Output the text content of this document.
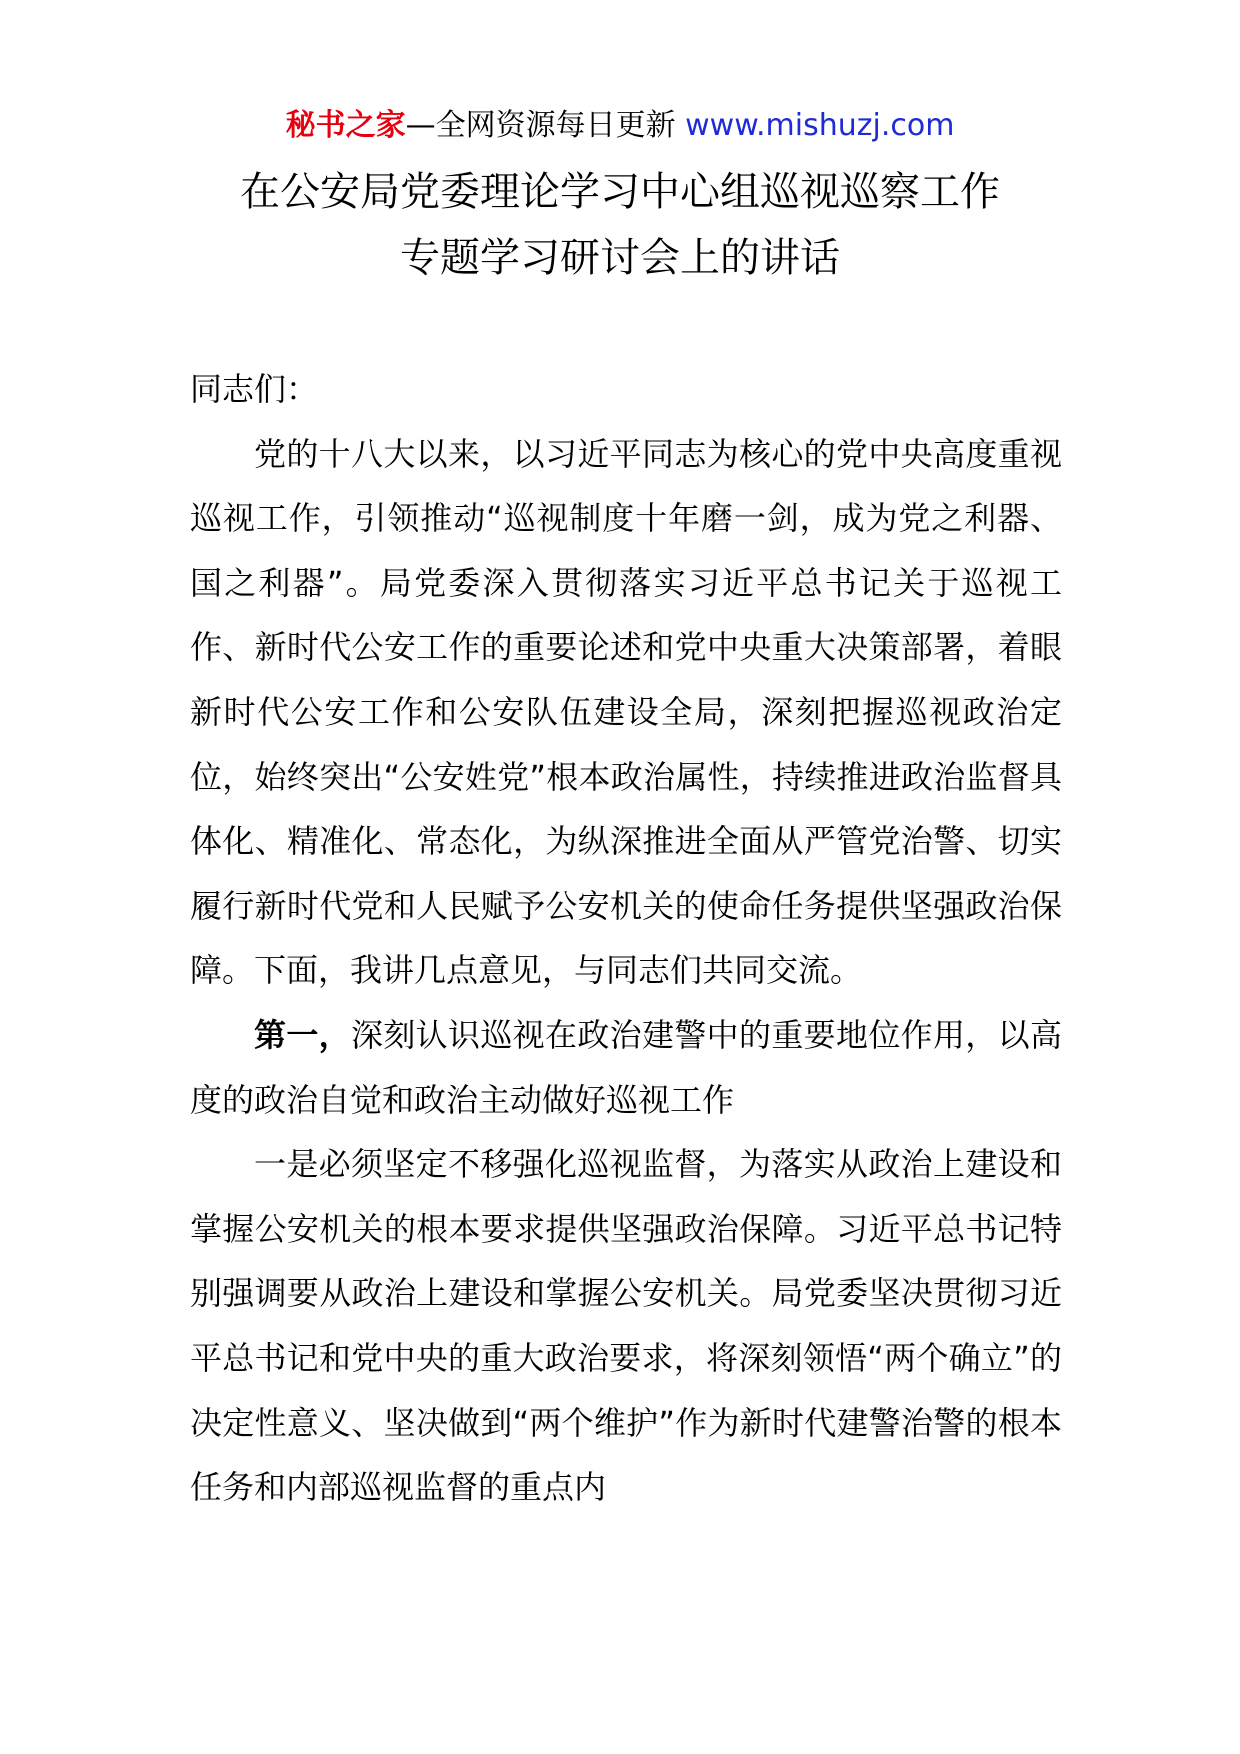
秘书之家—全网资源每日更新 www.mishuzj.com
在公安局党委理论学习中心组巡视巡察工作
专题学习研讨会上的讲话

同志们：

党的十八大以来，以习近平同志为核心的党中央高度重视巡视工作，引领推动“巡视制度十年磨一剑，成为党之利器、国之利器”。局党委深入贯彻落实习近平总书记关于巡视工作、新时代公安工作的重要论述和党中央重大决策部署，着眼新时代公安工作和公安队伍建设全局，深刻把握巡视政治定位，始终突出“公安姓党”根本政治属性，持续推进政治监督具体化、精准化、常态化，为纵深推进全面从严管党治警、切实履行新时代党和人民赋予公安机关的使命任务提供坚强政治保障。下面，我讲几点意见，与同志们共同交流。

第一，深刻认识巡视在政治建警中的重要地位作用，以高度的政治自觉和政治主动做好巡视工作

一是必须坚定不移强化巡视监督，为落实从政治上建设和掌握公安机关的根本要求提供坚强政治保障。习近平总书记特别强调要从政治上建设和掌握公安机关。局党委坚决贯彻习近平总书记和党中央的重大政治要求，将深刻领悟“两个确立”的决定性意义、坚决做到“两个维护”作为新时代建警治警的根本任务和内部巡视监督的重点内
